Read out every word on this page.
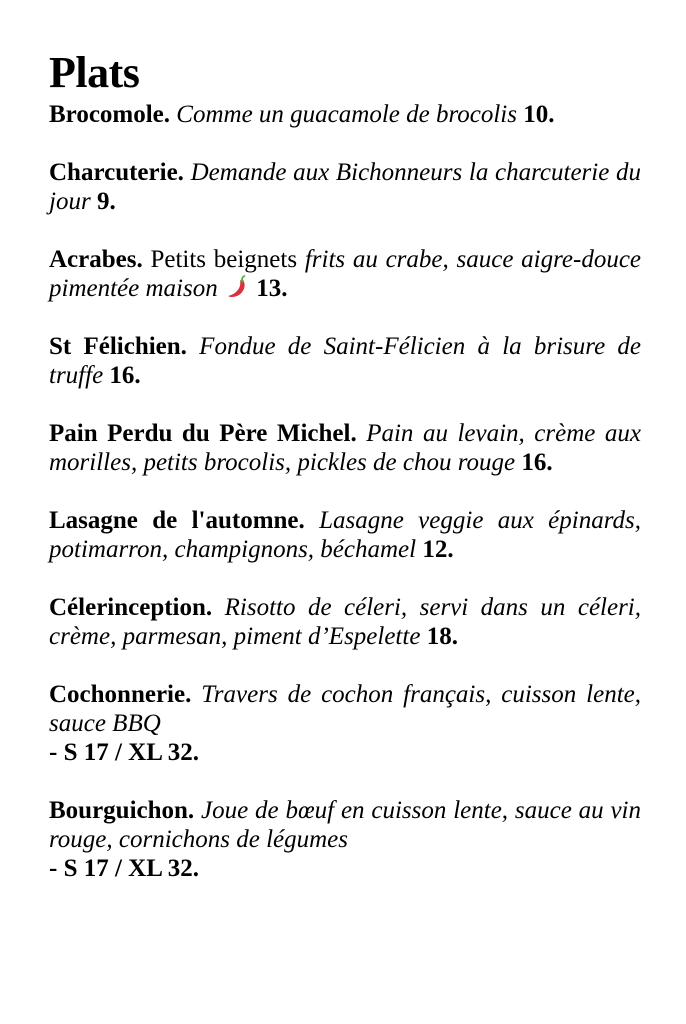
Plats

Brocomole. Comme un guacamole de brocolis 10.

Charcuterie. Demande aux Bichonneurs la charcuterie du jour 9.

Acrabes. Petits beignets frits au crabe, sauce aigre-douce pimentée maison 13.

St Félichien. Fondue de Saint-Félicien à la brisure de truffe 16.

Pain Perdu du Père Michel. Pain au levain, crème aux morilles, petits brocolis, pickles de chou rouge 16.

Lasagne de l'automne. Lasagne veggie aux épinards, potimarron, champignons, béchamel 12.

Célerinception. Risotto de céleri, servi dans un céleri, crème, parmesan, piment d’Espelette 18.

Cochonnerie. Travers de cochon français, cuisson lente, sauce BBQ
- S 17 / XL 32.

Bourguichon. Joue de bœuf en cuisson lente, sauce au vin rouge, cornichons de légumes
- S 17 / XL 32.
